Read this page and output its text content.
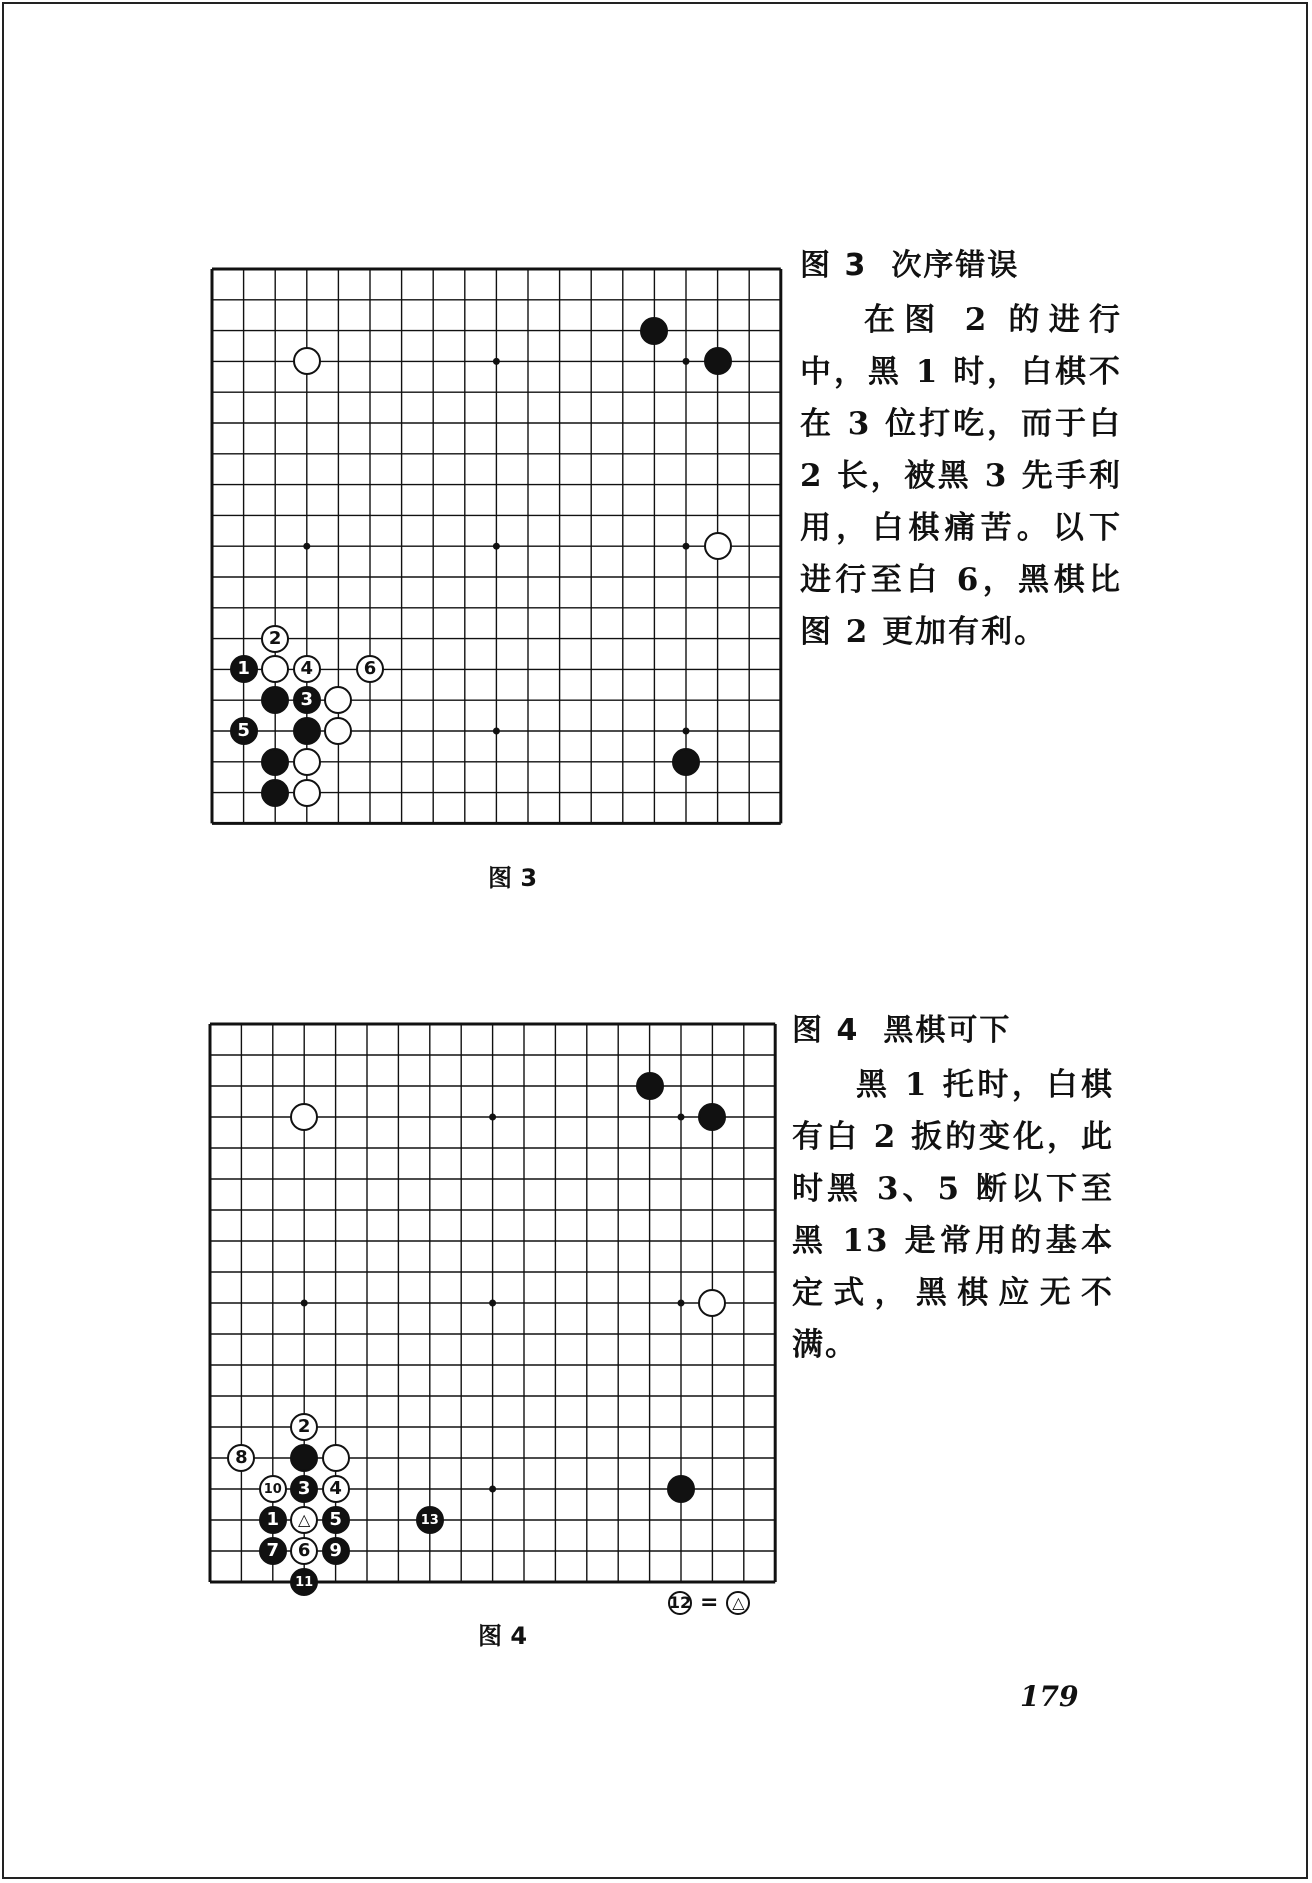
2
1	4	6
3
5
图 3
图 3 次序错误
在图 2 的进行中，黑 1 时，白棋不在 3 位打吃，而于白 2 长，被黑 3 先手利用，白棋痛苦。以下进行至白 6，黑棋比图 2 更加有利。
2
8
10 3 4
1 △ 5	13
7 6 9
11
图 4
12 = △
图 4 黑棋可下
黑 1 托时，白棋有白 2 扳的变化，此时黑 3、5 断以下至黑 13 是常用的基本定式，黑棋应无不满。
179
